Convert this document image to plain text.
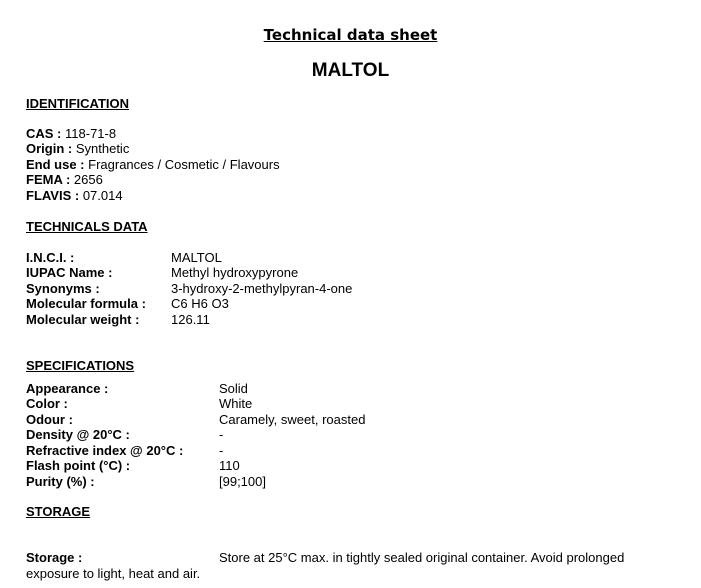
Technical data sheet
MALTOL
IDENTIFICATION
CAS : 118-71-8
Origin : Synthetic
End use : Fragrances / Cosmetic / Flavours
FEMA : 2656
FLAVIS : 07.014
TECHNICALS DATA
I.N.C.I. :	MALTOL
IUPAC Name :	Methyl hydroxypyrone
Synonyms :	3-hydroxy-2-methylpyran-4-one
Molecular formula : C6 H6 O3
Molecular weight : 126.11
SPECIFICATIONS
Appearance :	Solid
Color :	White
Odour :	Caramely, sweet, roasted
Density @ 20°C :	-
Refractive index @ 20°C :	-
Flash point (°C) :	110
Purity (%) :	[99;100]
STORAGE
Storage :	Store at 25°C max. in tightly sealed original container. Avoid prolonged
exposure to light, heat and air.
